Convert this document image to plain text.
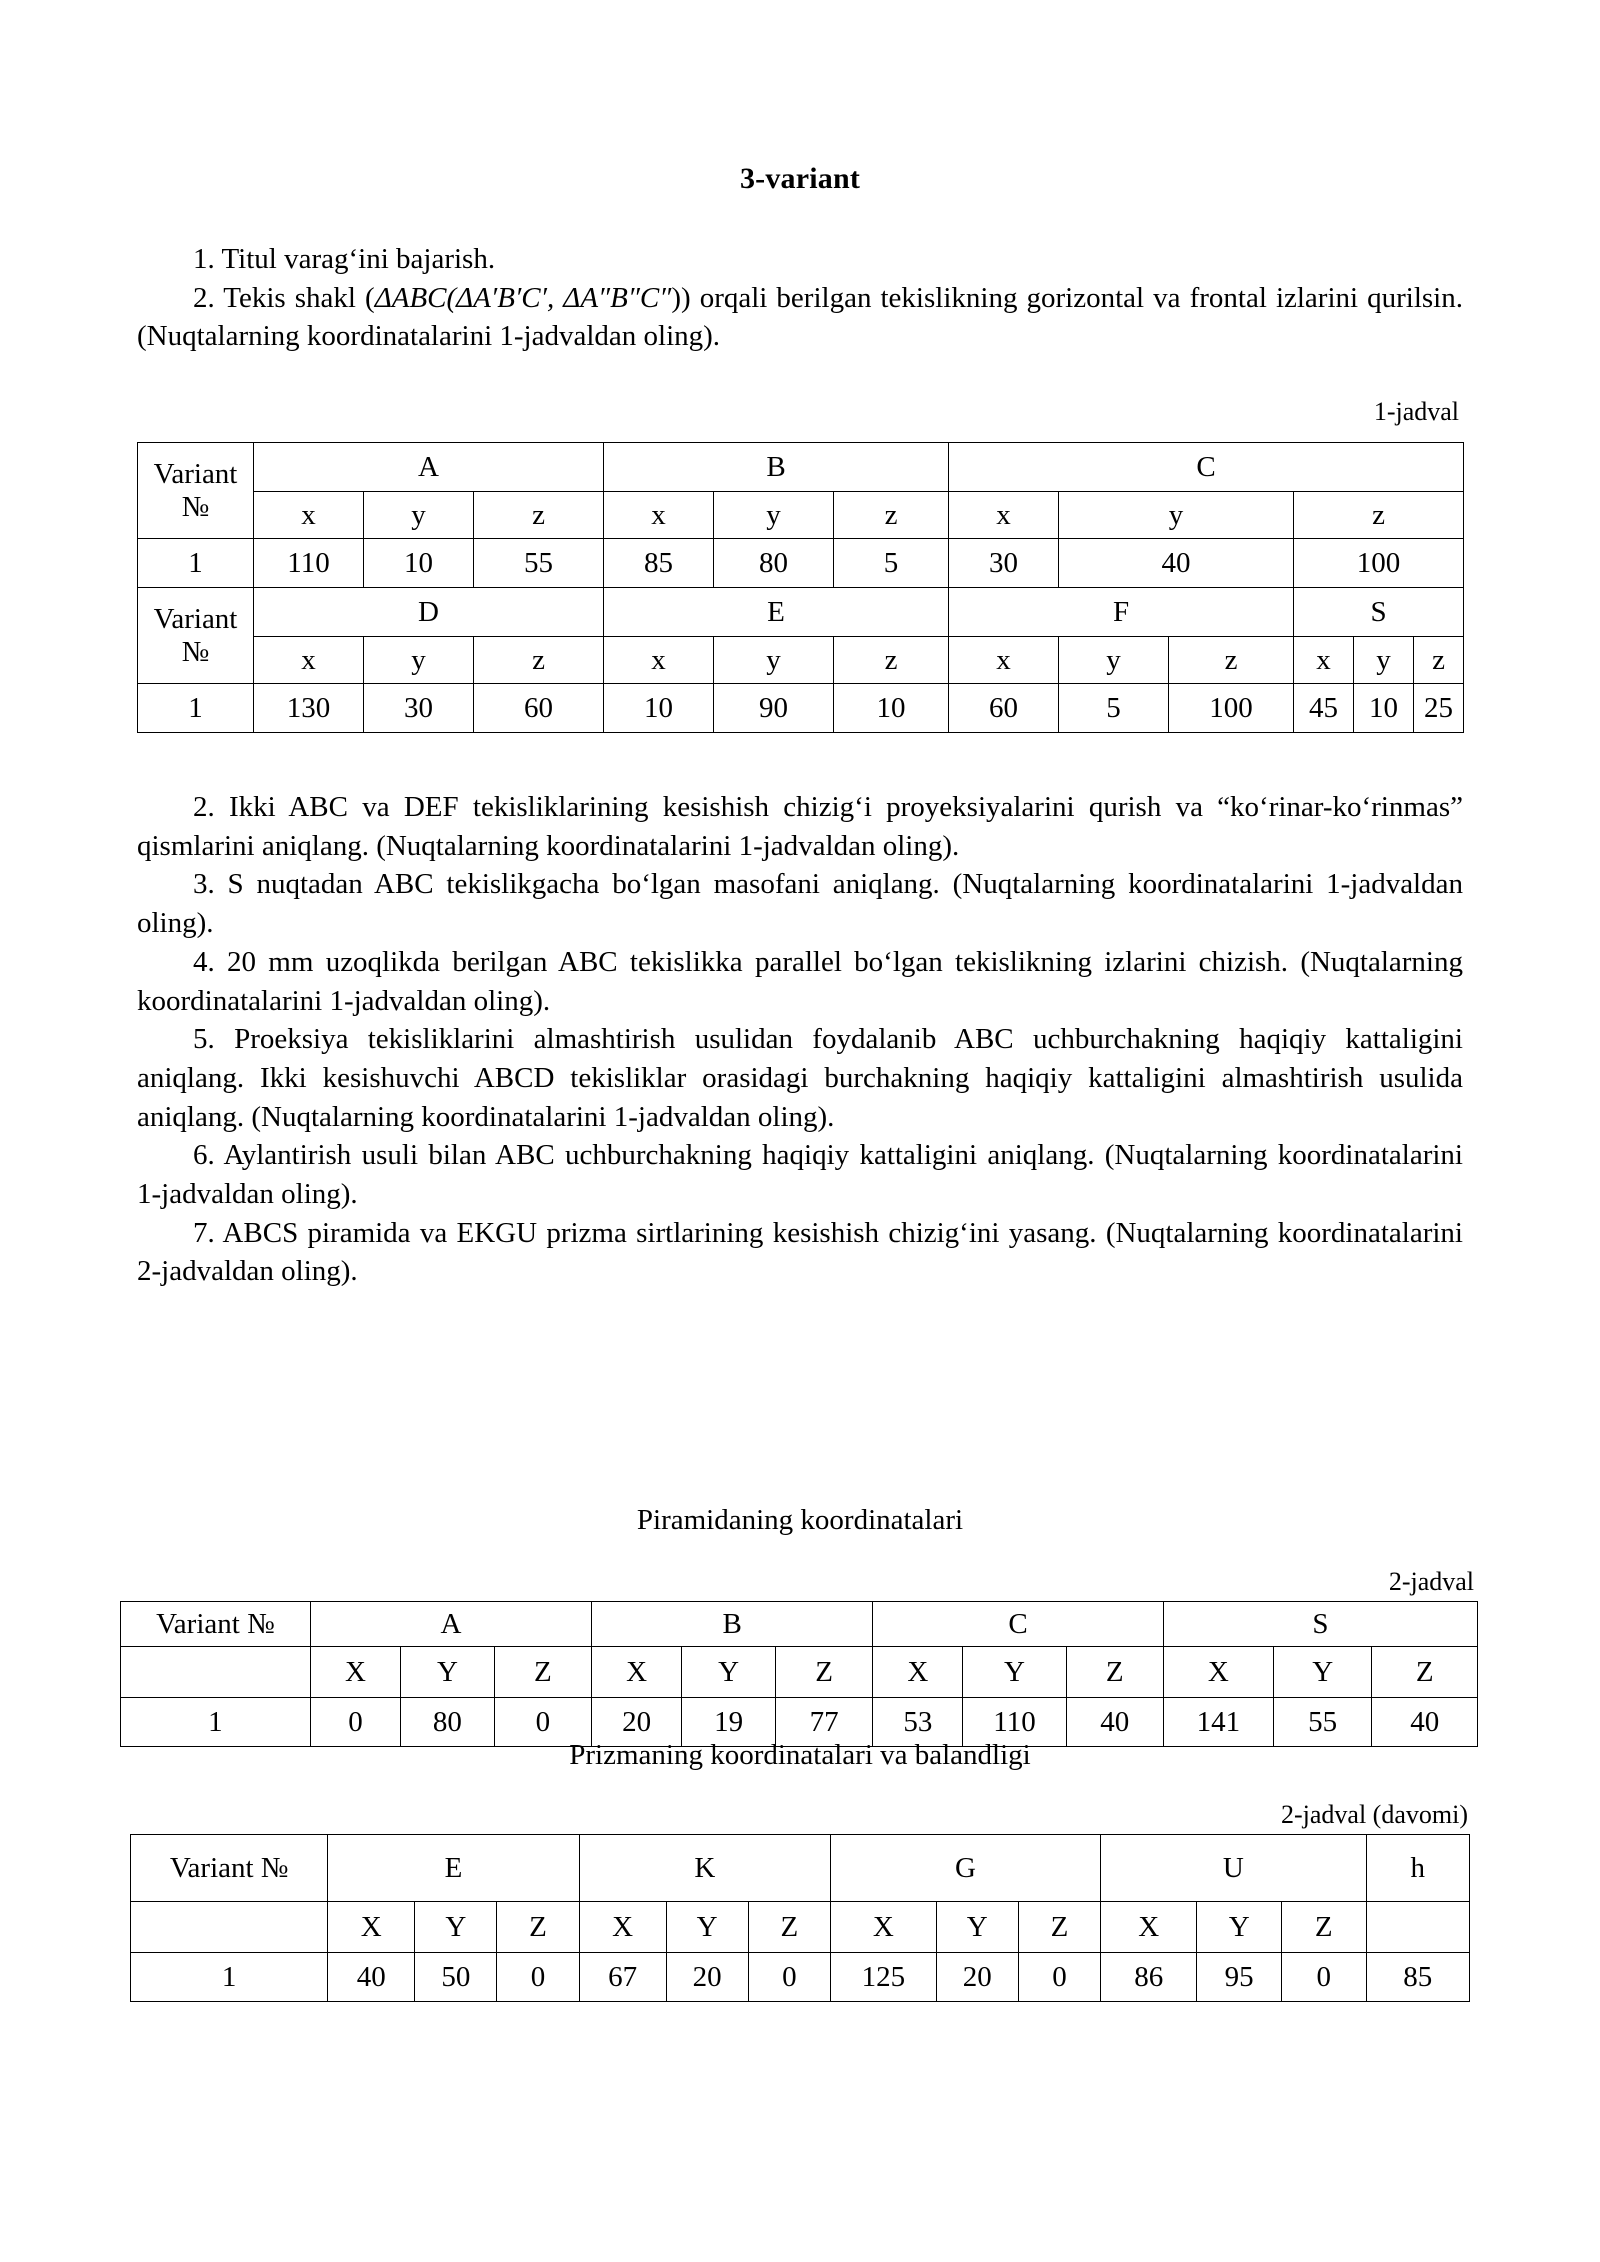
3-variant

1. Titul varag‘ini bajarish.

2. Tekis shakl (ΔABC(ΔA′B′C′, ΔA″B″C″)) orqali berilgan tekislikning gorizontal va frontal izlarini qurilsin. (Nuqtalarning koordinatalarini 1-jadvaldan oling).

1-jadval

Variant
№	A			B			C					
	x	y	z	x	y	z	x	y		z		
1	110	10	55	85	80	5	30	40		100		

Variant
№	D			E			F			S		
	x	y	z	x	y	z	x	y	z	x	y	z
1	130	30	60	10	90	10	60	5	100	45	10	25

2. Ikki ABC va DEF tekisliklarining kesishish chizig‘i proyeksiyalarini qurish va “ko‘rinar-ko‘rinmas” qismlarini aniqlang. (Nuqtalarning koordinatalarini 1-jadvaldan oling).

3. S nuqtadan ABC tekislikgacha bo‘lgan masofani aniqlang. (Nuqtalarning koordinatalarini 1-jadvaldan oling).

4. 20 mm uzoqlikda berilgan ABC tekislikka parallel bo‘lgan tekislikning izlarini chizish. (Nuqtalarning koordinatalarini 1-jadvaldan oling).

5. Proeksiya tekisliklarini almashtirish usulidan foydalanib ABC uchburchakning haqiqiy kattaligini aniqlang. Ikki kesishuvchi ABCD tekisliklar orasidagi burchakning haqiqiy kattaligini almashtirish usulida aniqlang. (Nuqtalarning koordinatalarini 1-jadvaldan oling).

6. Aylantirish usuli bilan ABC uchburchakning haqiqiy kattaligini aniqlang. (Nuqtalarning koordinatalarini 1-jadvaldan oling).

7. ABCS piramida va EKGU prizma sirtlarining kesishish chizig‘ini yasang. (Nuqtalarning koordinatalarini 2-jadvaldan oling).

Piramidaning koordinatalari

2-jadval

Variant №	A			B			C			S		
	X	Y	Z	X	Y	Z	X	Y	Z	X	Y	Z
1	0	80	0	20	19	77	53	110	40	141	55	40

Prizmaning koordinatalari va balandligi

2-jadval (davomi)

Variant №	E			K			G			U			h
	X	Y	Z	X	Y	Z	X	Y	Z	X	Y	Z	
1	40	50	0	67	20	0	125	20	0	86	95	0	85
